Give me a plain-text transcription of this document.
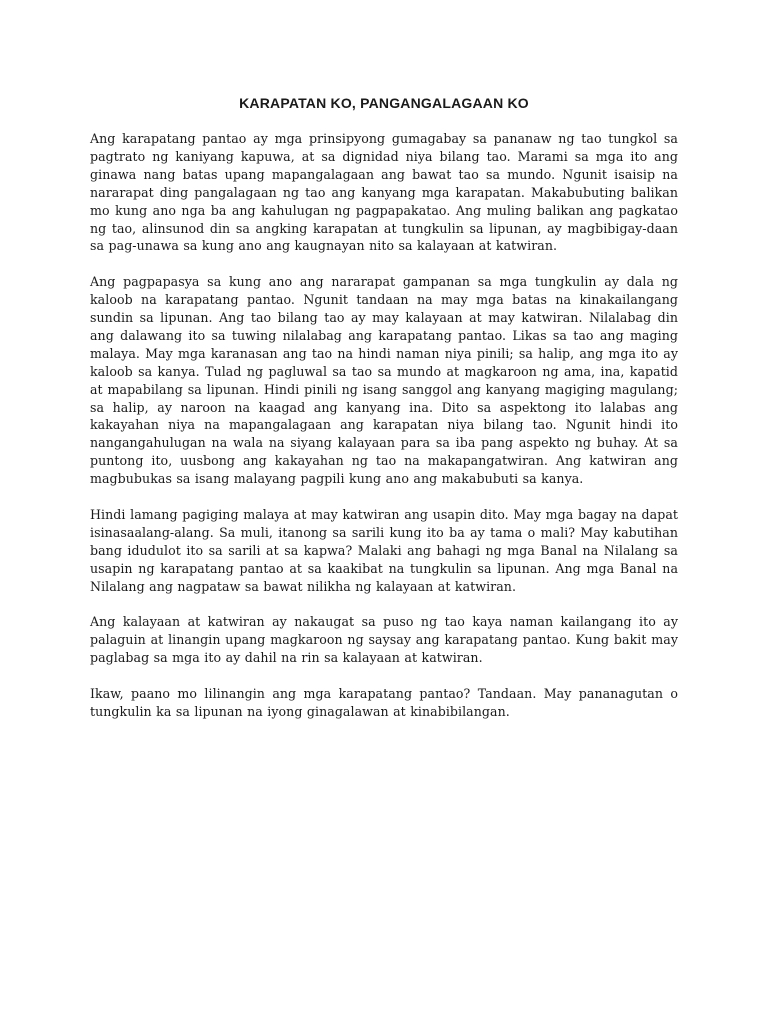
KARAPATAN KO, PANGANGALAGAAN KO

Ang karapatang pantao ay mga prinsipyong gumagabay sa pananaw ng tao tungkol sa pagtrato ng kaniyang kapuwa, at sa dignidad niya bilang tao. Marami sa mga ito ang ginawa nang batas upang mapangalagaan ang bawat tao sa mundo. Ngunit isaisip na nararapat ding pangalagaan ng tao ang kanyang mga karapatan. Makabubuting balikan mo kung ano nga ba ang kahulugan ng pagpapakatao. Ang muling balikan ang pagkatao ng tao, alinsunod din sa angking karapatan at tungkulin sa lipunan, ay magbibigay-daan sa pag-unawa sa kung ano ang kaugnayan nito sa kalayaan at katwiran.

Ang pagpapasya sa kung ano ang nararapat gampanan sa mga tungkulin ay dala ng kaloob na karapatang pantao. Ngunit tandaan na may mga batas na kinakailangang sundin sa lipunan. Ang tao bilang tao ay may kalayaan at may katwiran. Nilalabag din ang dalawang ito sa tuwing nilalabag ang karapatang pantao. Likas sa tao ang maging malaya. May mga karanasan ang tao na hindi naman niya pinili; sa halip, ang mga ito ay kaloob sa kanya. Tulad ng pagluwal sa tao sa mundo at magkaroon ng ama, ina, kapatid at mapabilang sa lipunan. Hindi pinili ng isang sanggol ang kanyang magiging magulang; sa halip, ay naroon na kaagad ang kanyang ina. Dito sa aspektong ito lalabas ang kakayahan niya na mapangalagaan ang karapatan niya bilang tao. Ngunit hindi ito nangangahulugan na wala na siyang kalayaan para sa iba pang aspekto ng buhay. At sa puntong ito, uusbong ang kakayahan ng tao na makapangatwiran. Ang katwiran ang magbubukas sa isang malayang pagpili kung ano ang makabubuti sa kanya.

Hindi lamang pagiging malaya at may katwiran ang usapin dito. May mga bagay na dapat isinasaalang-alang. Sa muli, itanong sa sarili kung ito ba ay tama o mali? May kabutihan bang idudulot ito sa sarili at sa kapwa? Malaki ang bahagi ng mga Banal na Nilalang sa usapin ng karapatang pantao at sa kaakibat na tungkulin sa lipunan. Ang mga Banal na Nilalang ang nagpataw sa bawat nilikha ng kalayaan at katwiran.

Ang kalayaan at katwiran ay nakaugat sa puso ng tao kaya naman kailangang ito ay palaguin at linangin upang magkaroon ng saysay ang karapatang pantao. Kung bakit may paglabag sa mga ito ay dahil na rin sa kalayaan at katwiran.

Ikaw, paano mo lilinangin ang mga karapatang pantao? Tandaan. May pananagutan o tungkulin ka sa lipunan na iyong ginagalawan at kinabibilangan.
